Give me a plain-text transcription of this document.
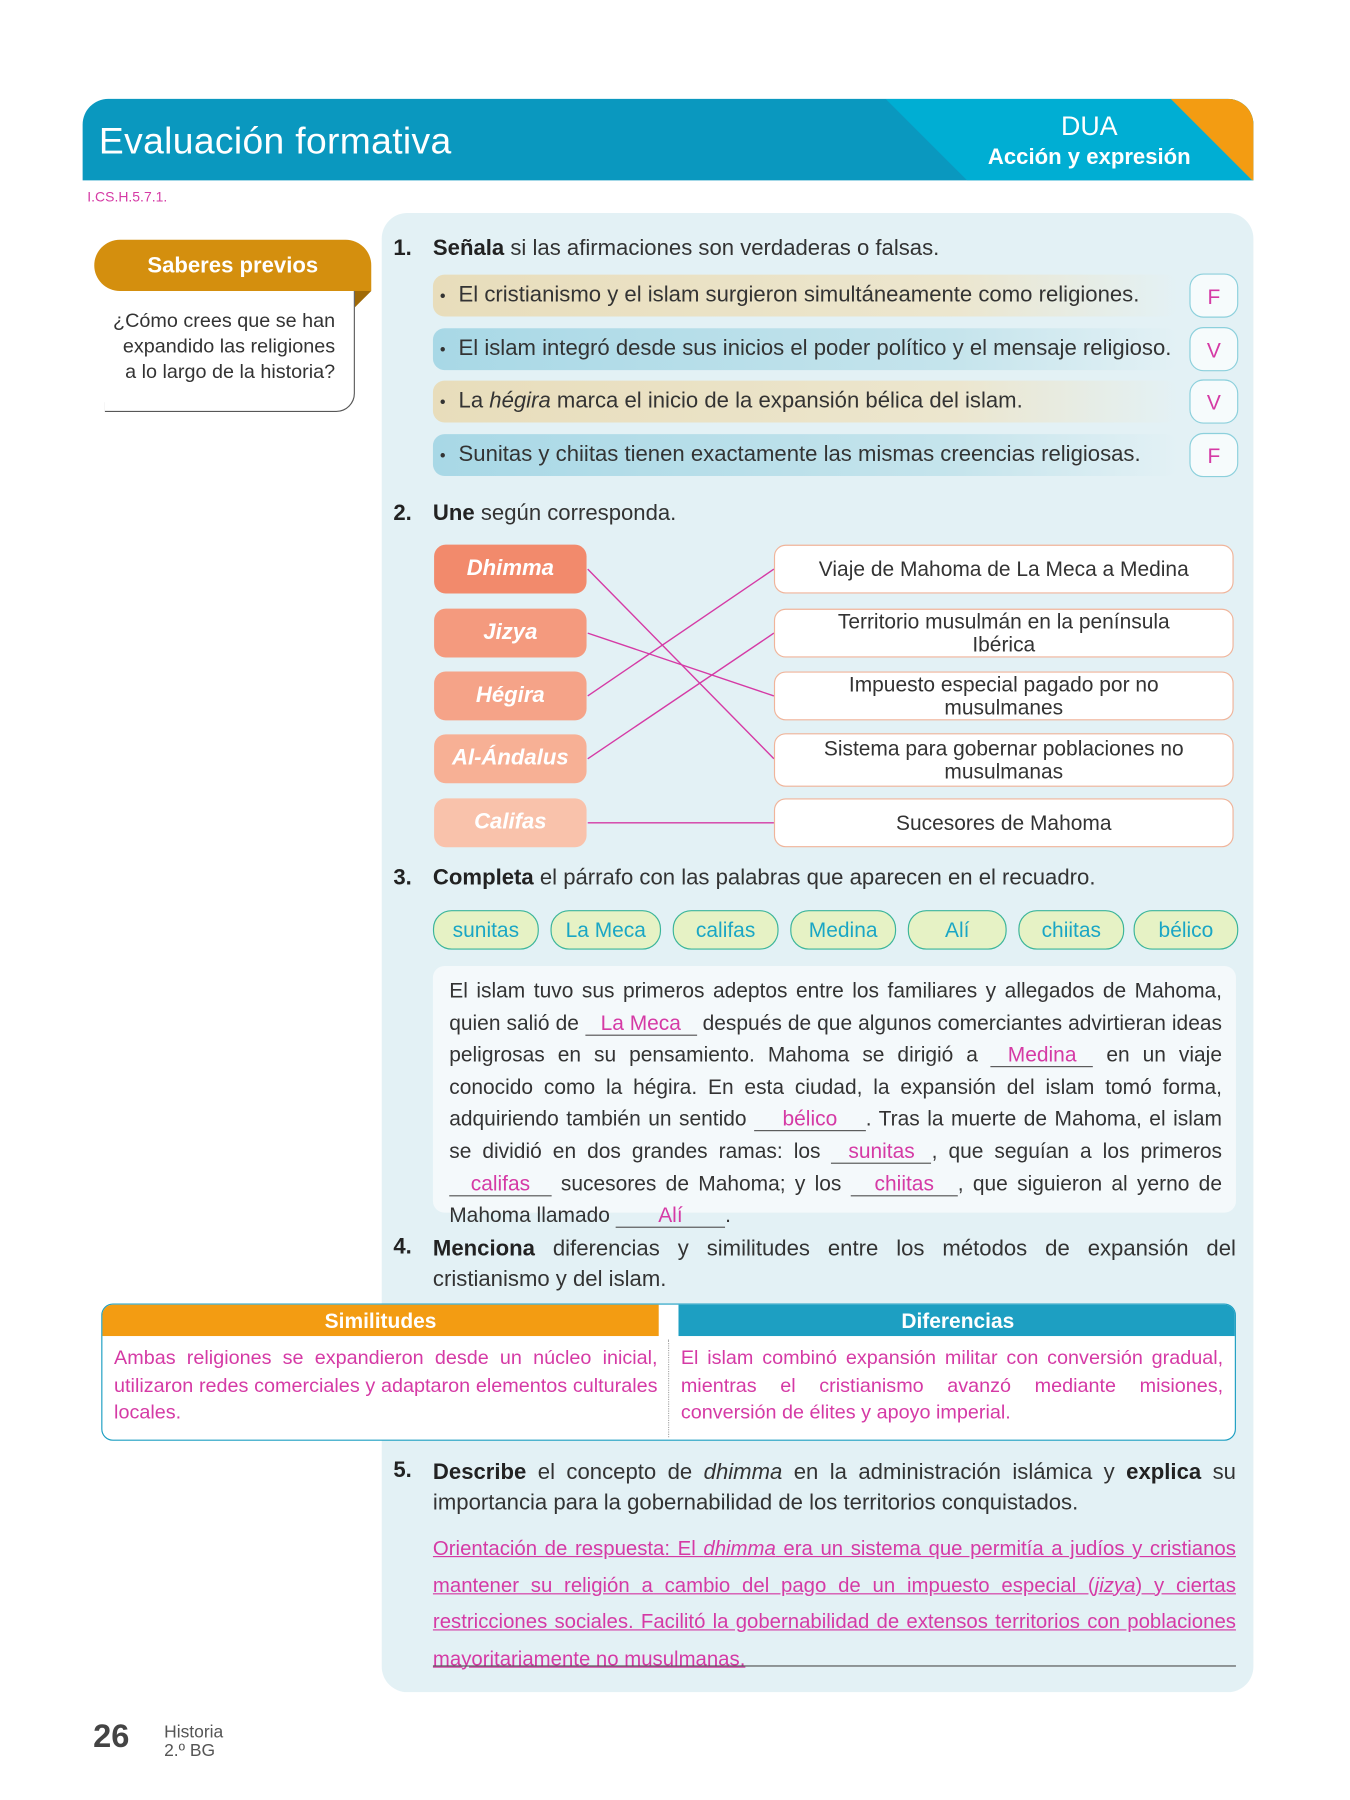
Evaluación formativa	DUA
Acción y expresión
I.CS.H.5.7.1.
Saberes previos
¿Cómo crees que se han expandido las religiones a lo largo de la historia?
1. Señala si las afirmaciones son verdaderas o falsas.
• El cristianismo y el islam surgieron simultáneamente como religiones.	F
• El islam integró desde sus inicios el poder político y el mensaje religioso.	V
• La hégira marca el inicio de la expansión bélica del islam.	V
• Sunitas y chiitas tienen exactamente las mismas creencias religiosas.	F
2. Une según corresponda.
Dhimma
Jizya
Hégira
Al-Ándalus
Califas
Viaje de Mahoma de La Meca a Medina
Territorio musulmán en la península Ibérica
Impuesto especial pagado por no musulmanes
Sistema para gobernar poblaciones no musulmanas
Sucesores de Mahoma
3. Completa el párrafo con las palabras que aparecen en el recuadro.
sunitas	La Meca	califas	Medina	Alí	chiitas	bélico
El islam tuvo sus primeros adeptos entre los familiares y allegados de Mahoma, quien salió de La Meca después de que algunos comerciantes advirtieran ideas peligrosas en su pensamiento. Mahoma se dirigió a Medina en un viaje conocido como la hégira. En esta ciudad, la expansión del islam tomó forma, adquiriendo también un sentido bélico . Tras la muerte de Mahoma, el islam se dividió en dos grandes ramas: los sunitas , que seguían a los primeros califas sucesores de Mahoma; y los chiitas , que siguieron al yerno de Mahoma llamado Alí .
4. Menciona diferencias y similitudes entre los métodos de expansión del cristianismo y del islam.
Similitudes	Diferencias
Ambas religiones se expandieron desde un núcleo inicial, utilizaron redes comerciales y adaptaron elementos culturales locales.
El islam combinó expansión militar con conversión gradual, mientras el cristianismo avanzó mediante misiones, conversión de élites y apoyo imperial.
5. Describe el concepto de dhimma en la administración islámica y explica su importancia para la gobernabilidad de los territorios conquistados.
Orientación de respuesta: El dhimma era un sistema que permitía a judíos y cristianos mantener su religión a cambio del pago de un impuesto especial (jizya) y ciertas restricciones sociales. Facilitó la gobernabilidad de extensos territorios con poblaciones mayoritariamente no musulmanas.
26 Historia
2.º BG
